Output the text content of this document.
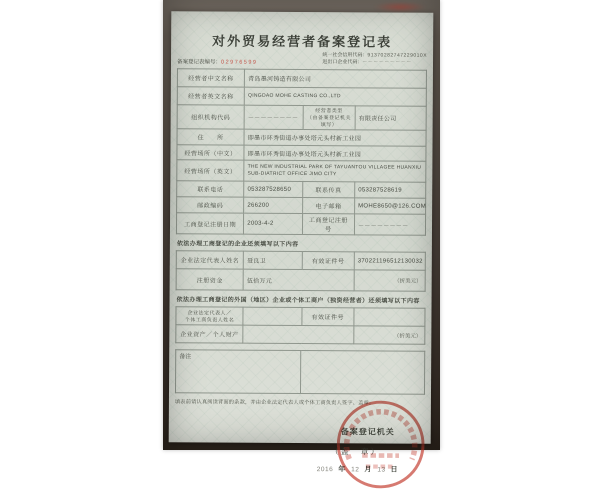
对外贸易经营者备案登记表
备案登记表编号：02976599
统一社会信用代码：91370282747229010X
进出口企业代码：－－－－－－－－－
经营者中文名称	青岛墨河铸造有限公司		
经营者英文名称	QINGDAO MOHE CASTING CO.,LTD		
组织机构代码	－－－－－－－－	经营者类型
（由备案登记机关填写）	有限责任公司
住　　所	即墨市环秀街道办事处塔元头村新工业园		
经营场所（中文）	即墨市环秀街道办事处塔元头村新工业园		
经营场所（英文）	THE NEW INDUSTRIAL PARK OF TAYUANTOU VILLAGEE HUANXIU SUB-DIATRICT OFFICE JIMO CITY		
联系电话	053287528650	联系传真	053287528619
邮政编码	266200	电子邮箱	MOHE8650@126.COM
工商登记注册日期	2003-4-2	工商登记注册号	－－－－－－－－
依法办理工商登记的企业还须填写以下内容
企业法定代表人姓名	聂良卫	有效证件号	370221196512130032
注册资金	伍拾万元		（折美元）
依法办理工商登记的外国（地区）企业或个体工商户（独资经营者）还须填写以下内容
企业法定代表人／
个体工商负责人姓名		有效证件号	
企业资产／个人财产			（折美元）
备注	
填表前请认真阅读背面的条款，并由企业法定代表人或个体工商负责人签字、盖章。
备案登记机关
（盖　章）
2016 年 12 月 13 日
